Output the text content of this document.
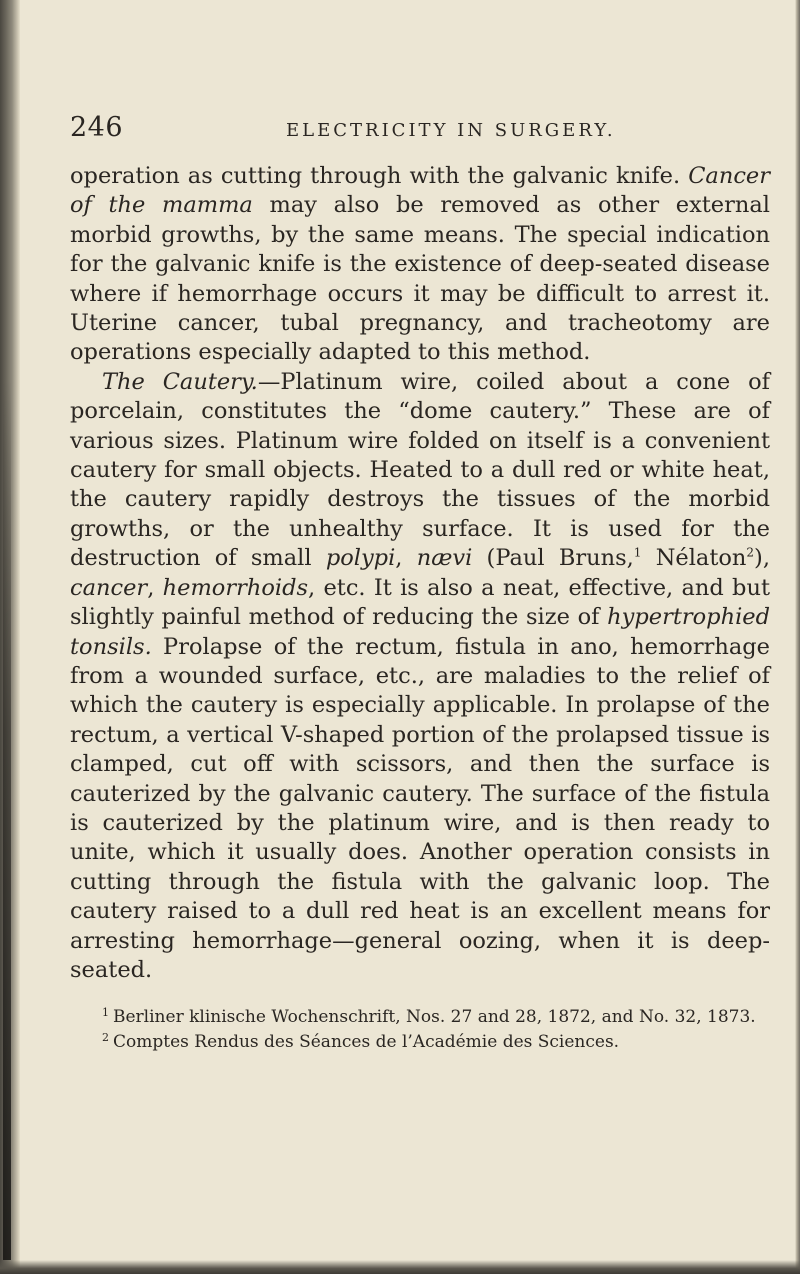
246	ELECTRICITY IN SURGERY.

operation as cutting through with the galvanic knife. Cancer of the mamma may also be removed as other external morbid growths, by the same means. The special indication for the galvanic knife is the existence of deep-seated disease where if hemorrhage occurs it may be difficult to arrest it. Uterine cancer, tubal pregnancy, and tracheotomy are operations especially adapted to this method.

The Cautery.—Platinum wire, coiled about a cone of porcelain, constitutes the “dome cautery.” These are of various sizes. Platinum wire folded on itself is a convenient cautery for small objects. Heated to a dull red or white heat, the cautery rapidly destroys the tissues of the morbid growths, or the unhealthy surface. It is used for the destruction of small polypi, nævi (Paul Bruns,$^1$ Nélaton$^2$), cancer, hemorrhoids, etc. It is also a neat, effective, and but slightly painful method of reducing the size of hypertrophied tonsils. Prolapse of the rectum, fistula in ano, hemorrhage from a wounded surface, etc., are maladies to the relief of which the cautery is especially applicable. In prolapse of the rectum, a vertical V-shaped portion of the prolapsed tissue is clamped, cut off with scissors, and then the surface is cauterized by the galvanic cautery. The surface of the fistula is cauterized by the platinum wire, and is then ready to unite, which it usually does. Another operation consists in cutting through the fistula with the galvanic loop. The cautery raised to a dull red heat is an excellent means for arresting hemorrhage—general oozing, when it is deep-seated.

$^1$ Berliner klinische Wochenschrift, Nos. 27 and 28, 1872, and No. 32, 1873.

$^2$ Comptes Rendus des Séances de l’Académie des Sciences.
